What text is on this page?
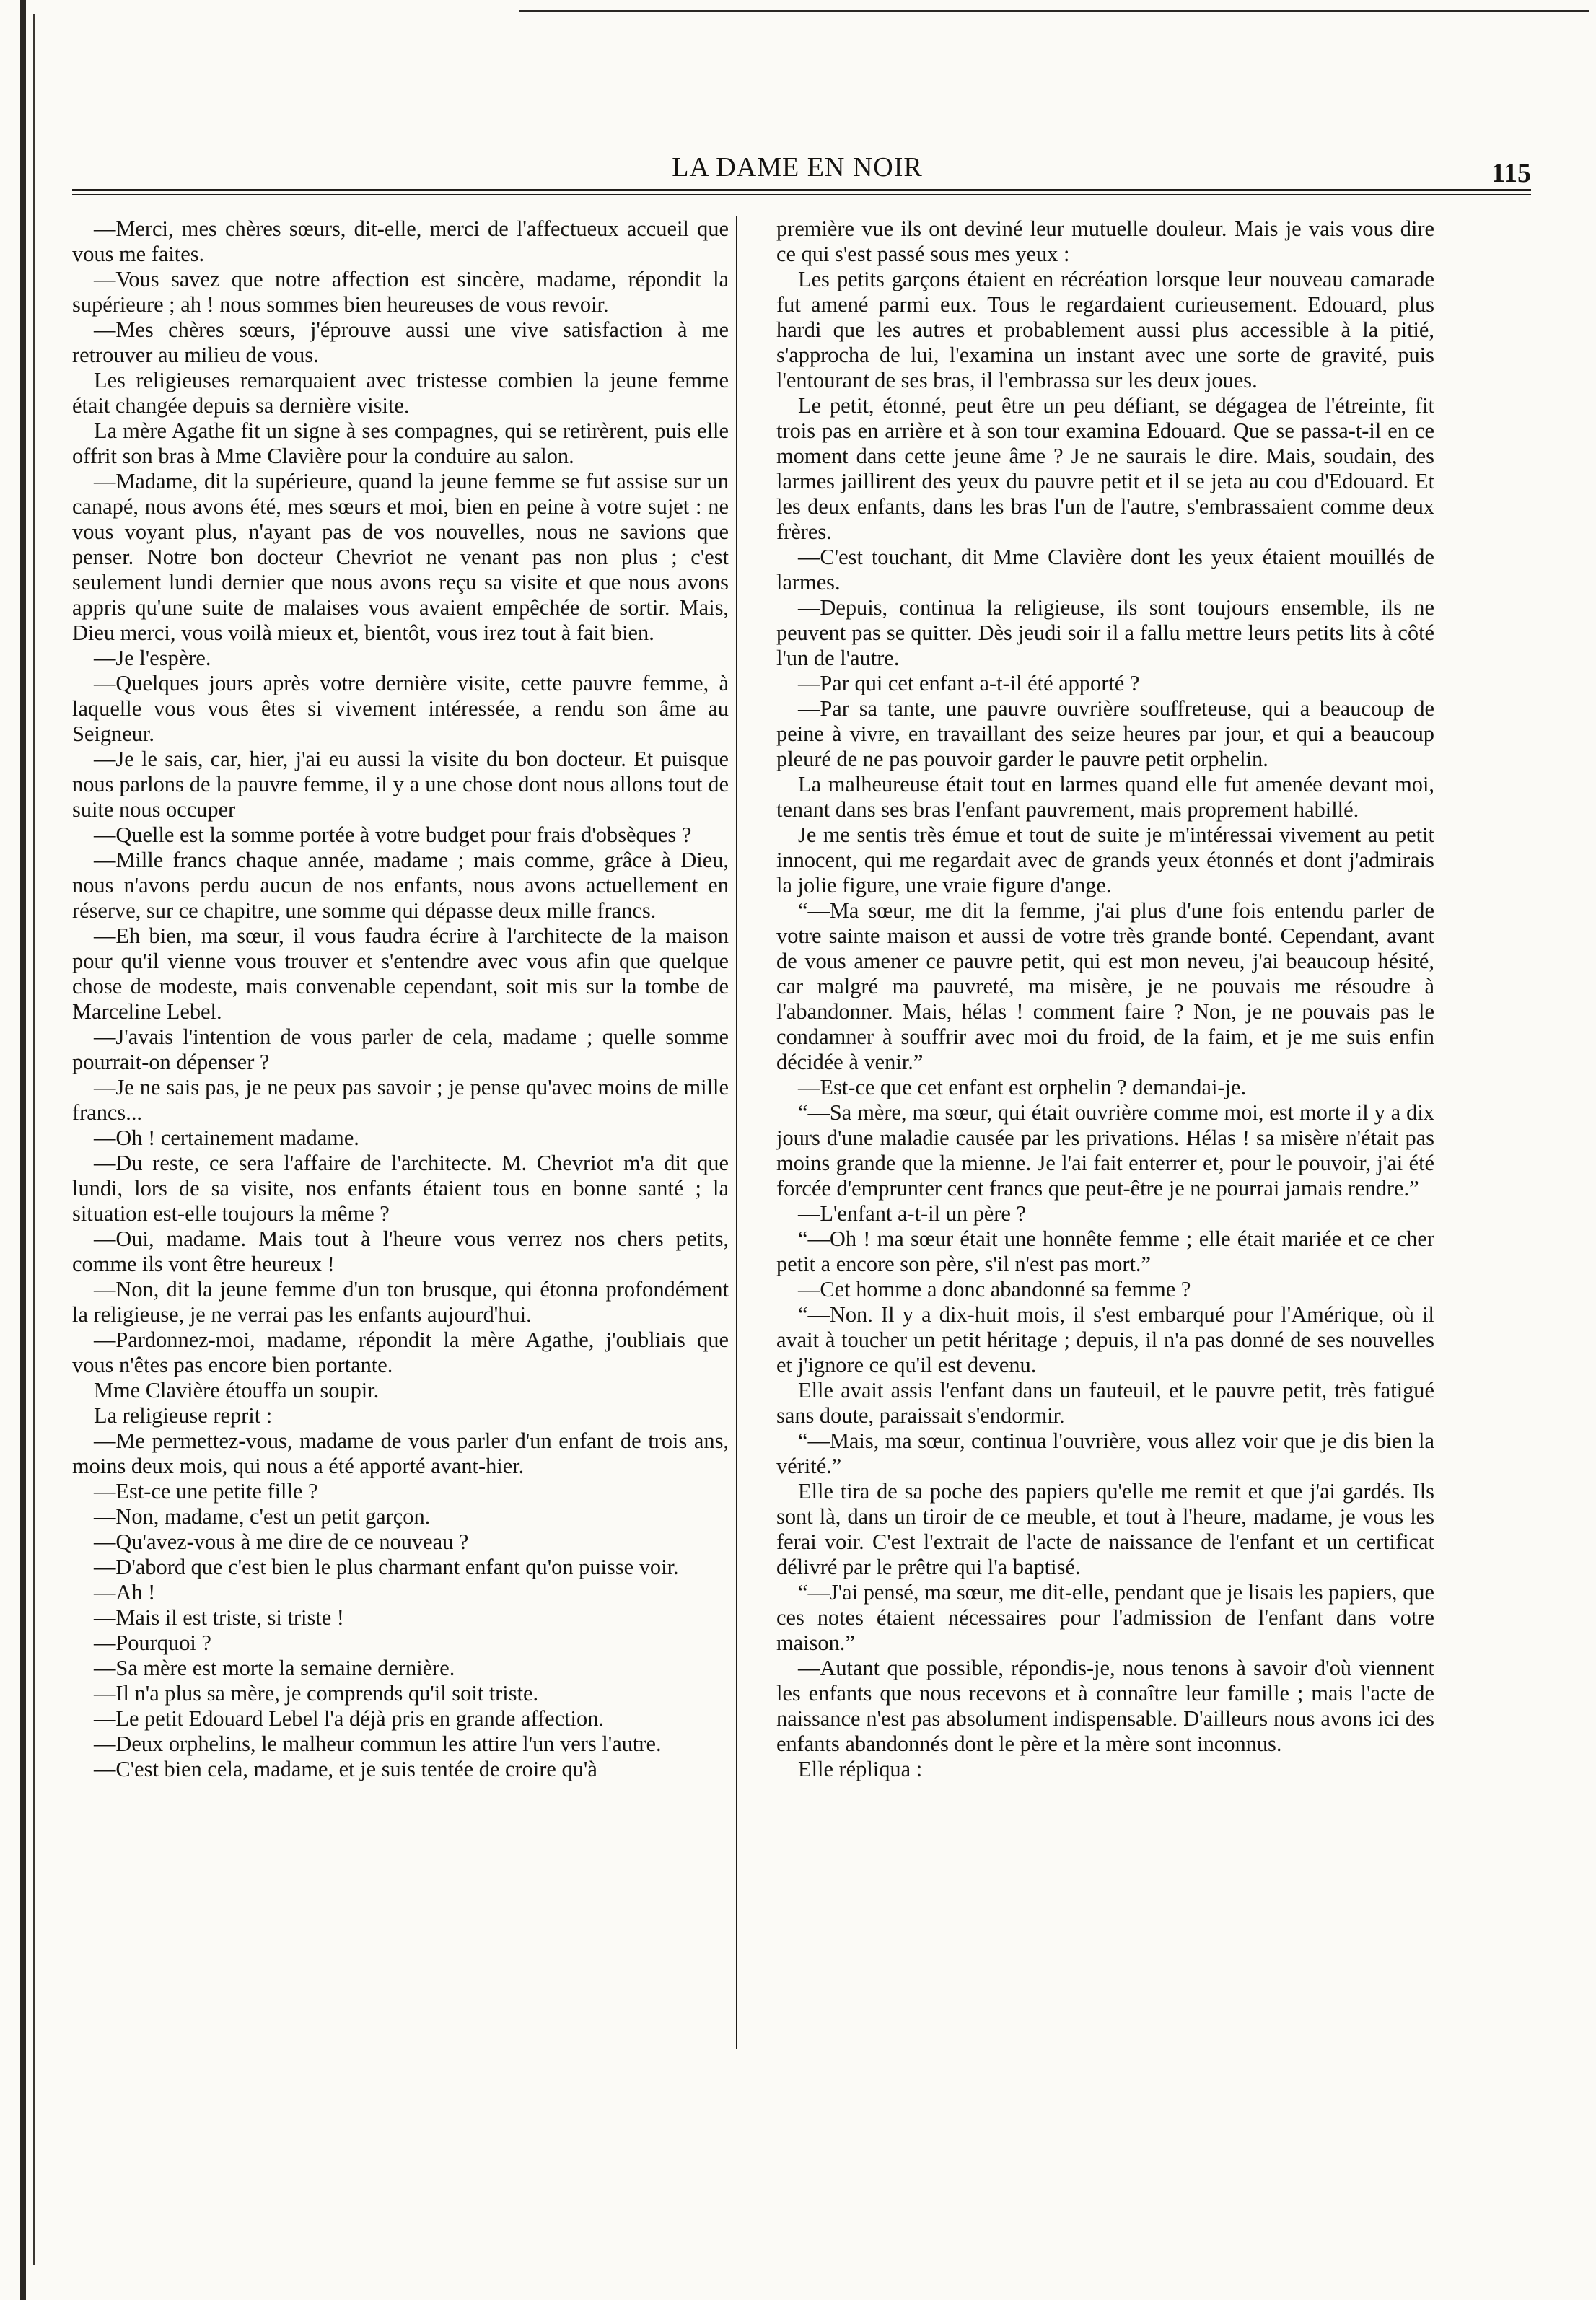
LA DAME EN NOIR	115

—Merci, mes chères sœurs, dit-elle, merci de l'affectueux accueil que vous me faites.

—Vous savez que notre affection est sincère, madame, répondit la supérieure ; ah ! nous sommes bien heureuses de vous revoir.

—Mes chères sœurs, j'éprouve aussi une vive satisfaction à me retrouver au milieu de vous.

Les religieuses remarquaient avec tristesse combien la jeune femme était changée depuis sa dernière visite.

La mère Agathe fit un signe à ses compagnes, qui se retirèrent, puis elle offrit son bras à Mme Clavière pour la conduire au salon.

—Madame, dit la supérieure, quand la jeune femme se fut assise sur un canapé, nous avons été, mes sœurs et moi, bien en peine à votre sujet : ne vous voyant plus, n'ayant pas de vos nouvelles, nous ne savions que penser. Notre bon docteur Chevriot ne venant pas non plus ; c'est seulement lundi dernier que nous avons reçu sa visite et que nous avons appris qu'une suite de malaises vous avaient empêchée de sortir. Mais, Dieu merci, vous voilà mieux et, bientôt, vous irez tout à fait bien.

—Je l'espère.

—Quelques jours après votre dernière visite, cette pauvre femme, à laquelle vous vous êtes si vivement intéressée, a rendu son âme au Seigneur.

—Je le sais, car, hier, j'ai eu aussi la visite du bon docteur. Et puisque nous parlons de la pauvre femme, il y a une chose dont nous allons tout de suite nous occuper

—Quelle est la somme portée à votre budget pour frais d'obsèques ?

—Mille francs chaque année, madame ; mais comme, grâce à Dieu, nous n'avons perdu aucun de nos enfants, nous avons actuellement en réserve, sur ce chapitre, une somme qui dépasse deux mille francs.

—Eh bien, ma sœur, il vous faudra écrire à l'architecte de la maison pour qu'il vienne vous trouver et s'entendre avec vous afin que quelque chose de modeste, mais convenable cependant, soit mis sur la tombe de Marceline Lebel.

—J'avais l'intention de vous parler de cela, madame ; quelle somme pourrait-on dépenser ?

—Je ne sais pas, je ne peux pas savoir ; je pense qu'avec moins de mille francs...

—Oh ! certainement madame.

—Du reste, ce sera l'affaire de l'architecte. M. Chevriot m'a dit que lundi, lors de sa visite, nos enfants étaient tous en bonne santé ; la situation est-elle toujours la même ?

—Oui, madame. Mais tout à l'heure vous verrez nos chers petits, comme ils vont être heureux !

—Non, dit la jeune femme d'un ton brusque, qui étonna profondément la religieuse, je ne verrai pas les enfants aujourd'hui.

—Pardonnez-moi, madame, répondit la mère Agathe, j'oubliais que vous n'êtes pas encore bien portante.

Mme Clavière étouffa un soupir.

La religieuse reprit :

—Me permettez-vous, madame de vous parler d'un enfant de trois ans, moins deux mois, qui nous a été apporté avant-hier.

—Est-ce une petite fille ?

—Non, madame, c'est un petit garçon.

—Qu'avez-vous à me dire de ce nouveau ?

—D'abord que c'est bien le plus charmant enfant qu'on puisse voir.

—Ah !

—Mais il est triste, si triste !

—Pourquoi ?

—Sa mère est morte la semaine dernière.

—Il n'a plus sa mère, je comprends qu'il soit triste.

—Le petit Edouard Lebel l'a déjà pris en grande affection.

—Deux orphelins, le malheur commun les attire l'un vers l'autre.

—C'est bien cela, madame, et je suis tentée de croire qu'à

première vue ils ont deviné leur mutuelle douleur. Mais je vais vous dire ce qui s'est passé sous mes yeux :

Les petits garçons étaient en récréation lorsque leur nouveau camarade fut amené parmi eux. Tous le regardaient curieusement. Edouard, plus hardi que les autres et probablement aussi plus accessible à la pitié, s'approcha de lui, l'examina un instant avec une sorte de gravité, puis l'entourant de ses bras, il l'embrassa sur les deux joues.

Le petit, étonné, peut être un peu défiant, se dégagea de l'étreinte, fit trois pas en arrière et à son tour examina Edouard. Que se passa-t-il en ce moment dans cette jeune âme ? Je ne saurais le dire. Mais, soudain, des larmes jaillirent des yeux du pauvre petit et il se jeta au cou d'Edouard. Et les deux enfants, dans les bras l'un de l'autre, s'embrassaient comme deux frères.

—C'est touchant, dit Mme Clavière dont les yeux étaient mouillés de larmes.

—Depuis, continua la religieuse, ils sont toujours ensemble, ils ne peuvent pas se quitter. Dès jeudi soir il a fallu mettre leurs petits lits à côté l'un de l'autre.

—Par qui cet enfant a-t-il été apporté ?

—Par sa tante, une pauvre ouvrière souffreteuse, qui a beaucoup de peine à vivre, en travaillant des seize heures par jour, et qui a beaucoup pleuré de ne pas pouvoir garder le pauvre petit orphelin.

La malheureuse était tout en larmes quand elle fut amenée devant moi, tenant dans ses bras l'enfant pauvrement, mais proprement habillé.

Je me sentis très émue et tout de suite je m'intéressai vivement au petit innocent, qui me regardait avec de grands yeux étonnés et dont j'admirais la jolie figure, une vraie figure d'ange.

“—Ma sœur, me dit la femme, j'ai plus d'une fois entendu parler de votre sainte maison et aussi de votre très grande bonté. Cependant, avant de vous amener ce pauvre petit, qui est mon neveu, j'ai beaucoup hésité, car malgré ma pauvreté, ma misère, je ne pouvais me résoudre à l'abandonner. Mais, hélas ! comment faire ? Non, je ne pouvais pas le condamner à souffrir avec moi du froid, de la faim, et je me suis enfin décidée à venir.”

—Est-ce que cet enfant est orphelin ? demandai-je.

“—Sa mère, ma sœur, qui était ouvrière comme moi, est morte il y a dix jours d'une maladie causée par les privations. Hélas ! sa misère n'était pas moins grande que la mienne. Je l'ai fait enterrer et, pour le pouvoir, j'ai été forcée d'emprunter cent francs que peut-être je ne pourrai jamais rendre.”

—L'enfant a-t-il un père ?

“—Oh ! ma sœur était une honnête femme ; elle était mariée et ce cher petit a encore son père, s'il n'est pas mort.”

—Cet homme a donc abandonné sa femme ?

“—Non. Il y a dix-huit mois, il s'est embarqué pour l'Amérique, où il avait à toucher un petit héritage ; depuis, il n'a pas donné de ses nouvelles et j'ignore ce qu'il est devenu.

Elle avait assis l'enfant dans un fauteuil, et le pauvre petit, très fatigué sans doute, paraissait s'endormir.

“—Mais, ma sœur, continua l'ouvrière, vous allez voir que je dis bien la vérité.”

Elle tira de sa poche des papiers qu'elle me remit et que j'ai gardés. Ils sont là, dans un tiroir de ce meuble, et tout à l'heure, madame, je vous les ferai voir. C'est l'extrait de l'acte de naissance de l'enfant et un certificat délivré par le prêtre qui l'a baptisé.

“—J'ai pensé, ma sœur, me dit-elle, pendant que je lisais les papiers, que ces notes étaient nécessaires pour l'admission de l'enfant dans votre maison.”

—Autant que possible, répondis-je, nous tenons à savoir d'où viennent les enfants que nous recevons et à connaître leur famille ; mais l'acte de naissance n'est pas absolument indispensable. D'ailleurs nous avons ici des enfants abandonnés dont le père et la mère sont inconnus.

Elle répliqua :
